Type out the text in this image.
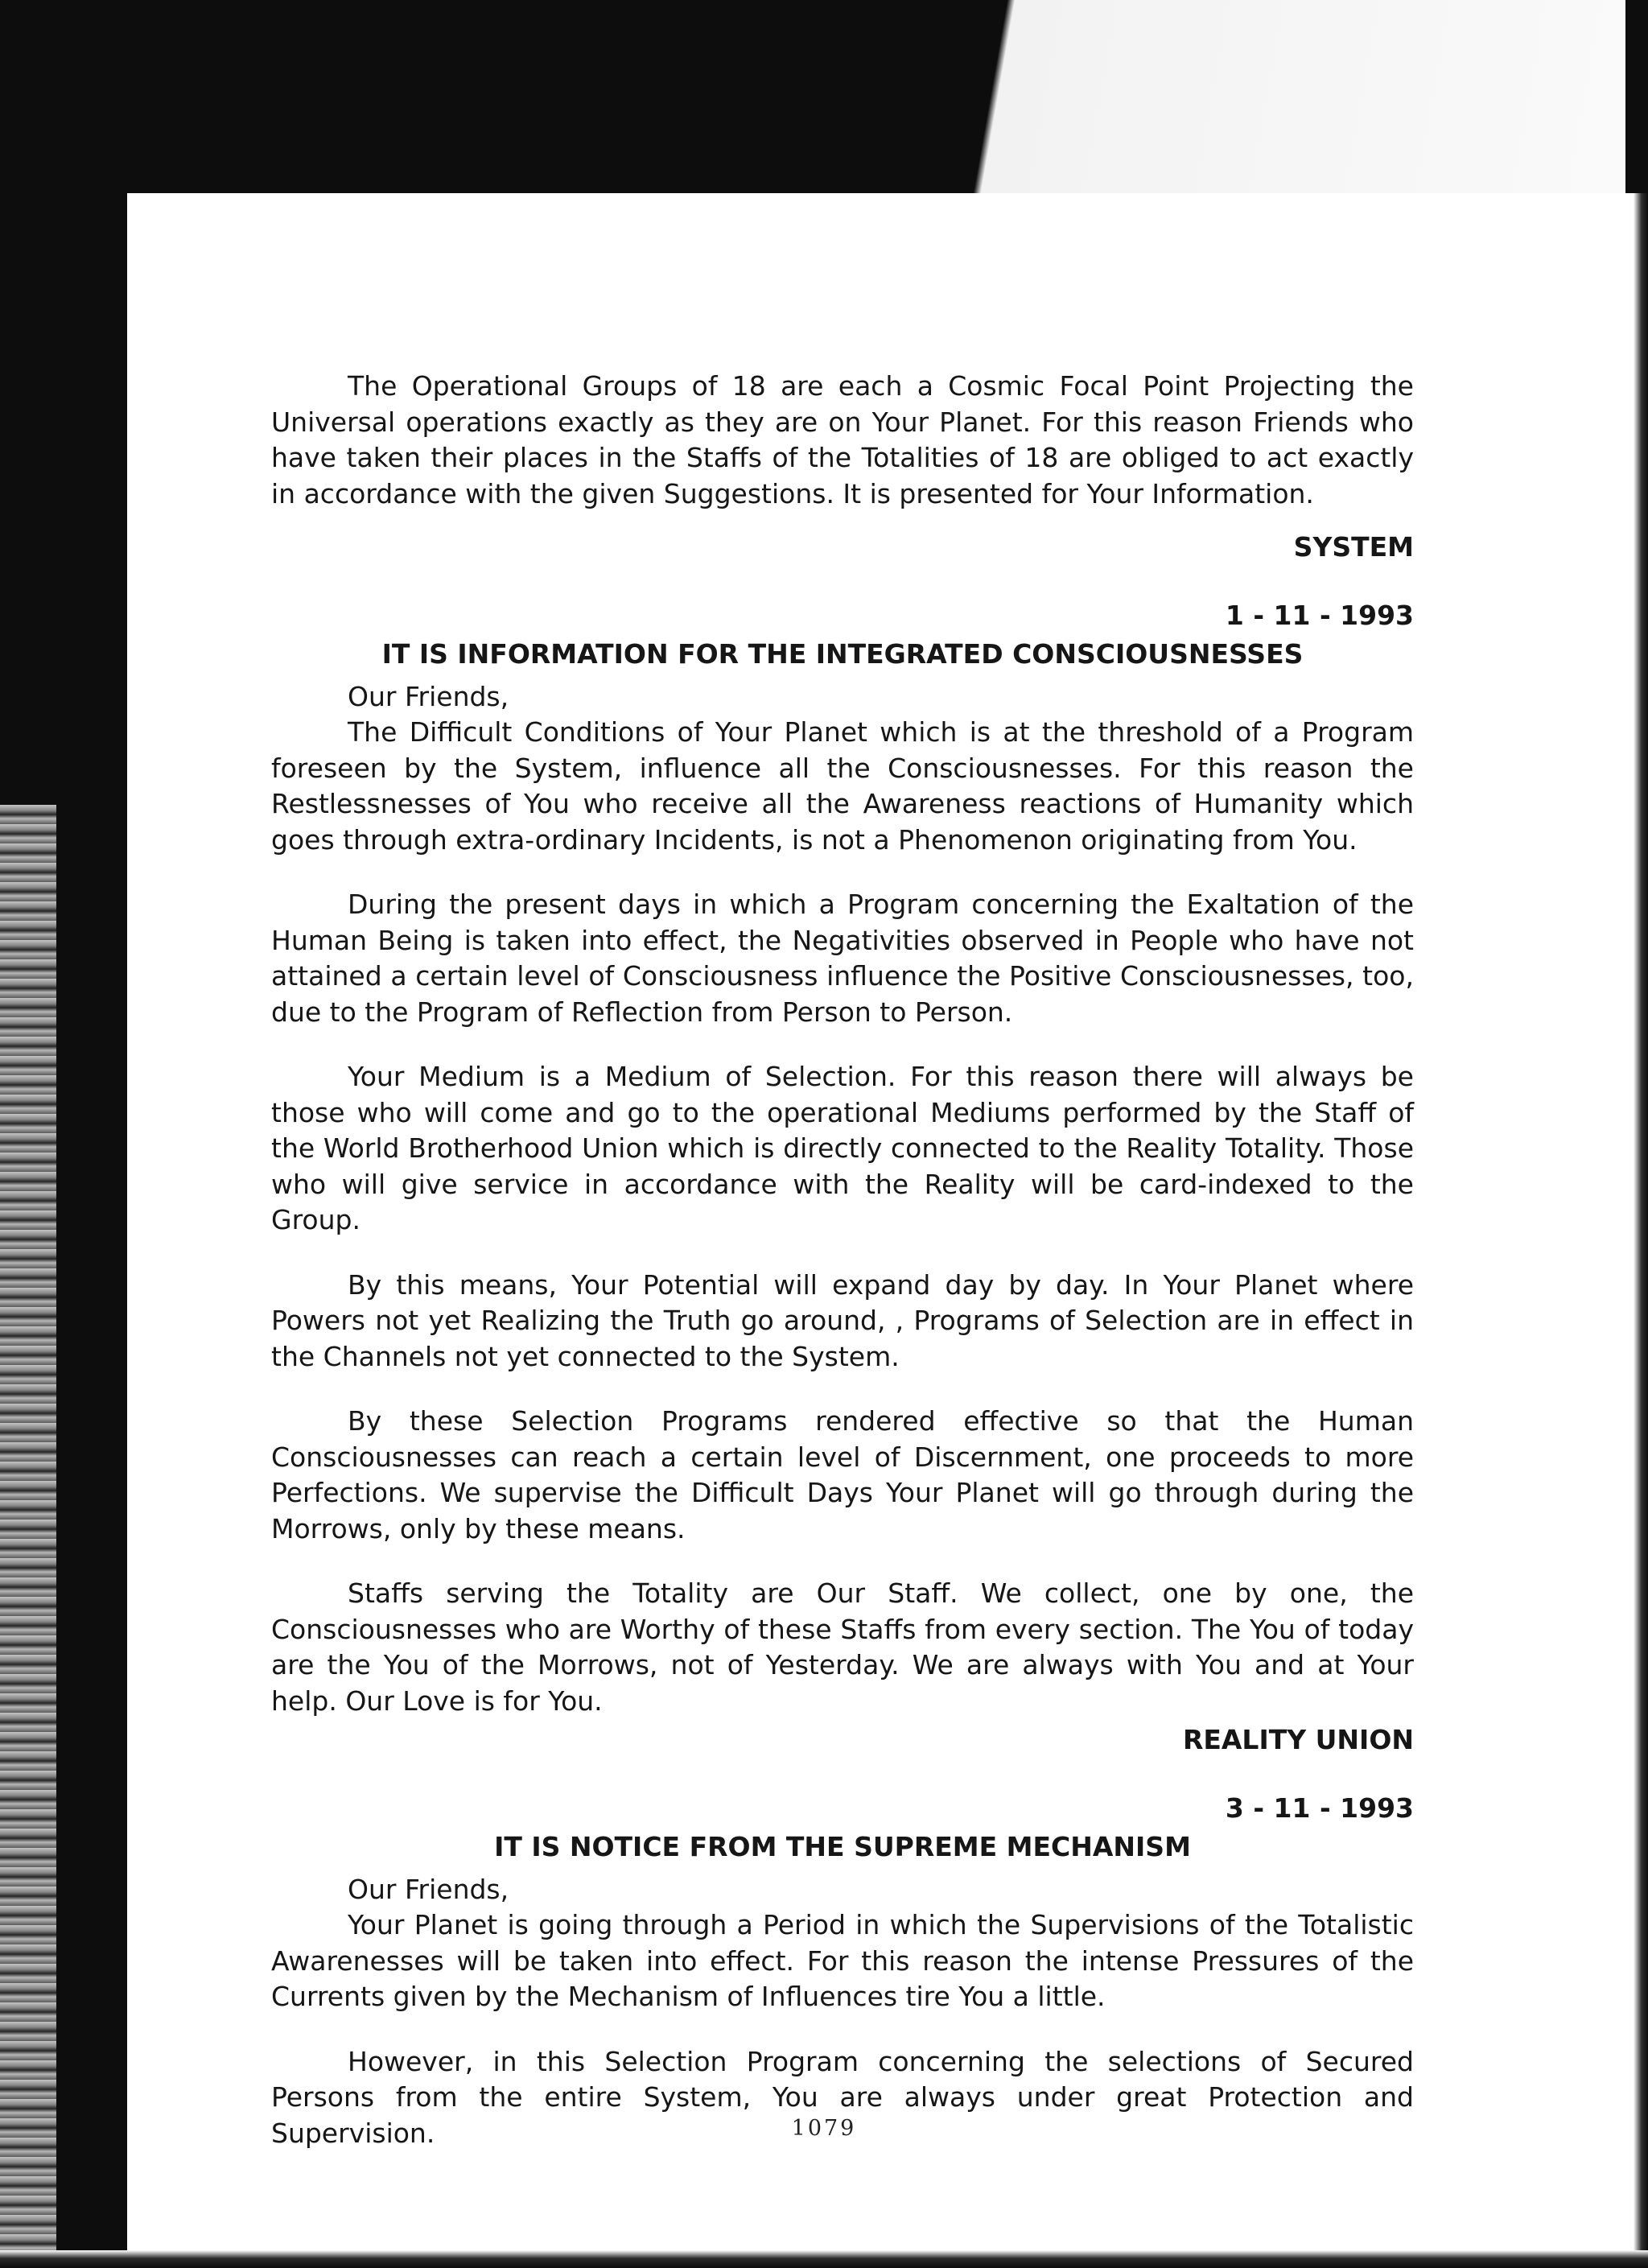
The Operational Groups of 18 are each a Cosmic Focal Point Projecting the Universal operations exactly as they are on Your Planet. For this reason Friends who have taken their places in the Staffs of the Totalities of 18 are obliged to act exactly in accordance with the given Suggestions. It is presented for Your Information.

SYSTEM
1 - 11 - 1993
IT IS INFORMATION FOR THE INTEGRATED CONSCIOUSNESSES
Our Friends,

The Difficult Conditions of Your Planet which is at the threshold of a Program foreseen by the System, influence all the Consciousnesses. For this reason the Restlessnesses of You who receive all the Awareness reactions of Humanity which goes through extra-ordinary Incidents, is not a Phenomenon originating from You.

During the present days in which a Program concerning the Exaltation of the Human Being is taken into effect, the Negativities observed in People who have not attained a certain level of Consciousness influence the Positive Consciousnesses, too, due to the Program of Reflection from Person to Person.

Your Medium is a Medium of Selection. For this reason there will always be those who will come and go to the operational Mediums performed by the Staff of the World Brotherhood Union which is directly connected to the Reality Totality. Those who will give service in accordance with the Reality will be card-indexed to the Group.

By this means, Your Potential will expand day by day. In Your Planet where Powers not yet Realizing the Truth go around, , Programs of Selection are in effect in the Channels not yet connected to the System.

By these Selection Programs rendered effective so that the Human Consciousnesses can reach a certain level of Discernment, one proceeds to more Perfections. We supervise the Difficult Days Your Planet will go through during the Morrows, only by these means.

Staffs serving the Totality are Our Staff. We collect, one by one, the Consciousnesses who are Worthy of these Staffs from every section. The You of today are the You of the Morrows, not of Yesterday. We are always with You and at Your help. Our Love is for You.

REALITY UNION
3 - 11 - 1993
IT IS NOTICE FROM THE SUPREME MECHANISM
Our Friends,

Your Planet is going through a Period in which the Supervisions of the Totalistic Awarenesses will be taken into effect. For this reason the intense Pressures of the Currents given by the Mechanism of Influences tire You a little.

However, in this Selection Program concerning the selections of Secured Persons from the entire System, You are always under great Protection and Supervision.	1079
